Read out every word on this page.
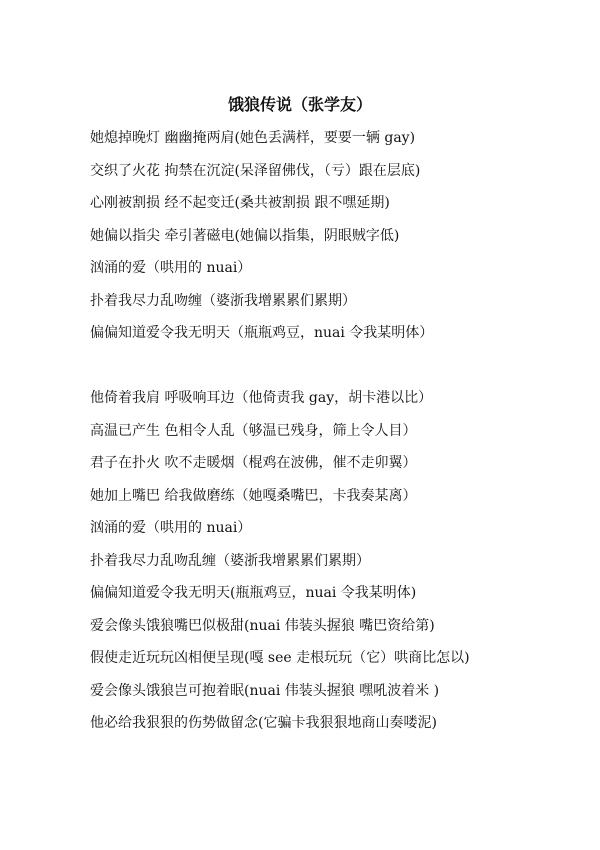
饿狼传说（张学友）
她熄掉晚灯 幽幽掩两肩(她色丢满样，要要一辆 gay)
交织了火花 拘禁在沉淀(呆泽留佛伐，（亏）跟在层底)
心刚被割损 经不起变迁(桑共被割损 跟不嘿延期)
她偏以指尖 牵引著磁电(她偏以指集，阴眼贼字低)
汹涌的爱（哄用的 nuai）
扑着我尽力乱吻缠（婆浙我增累累们累期）
偏偏知道爱令我无明天（瓶瓶鸡豆，nuai 令我某明体）
他倚着我肩 呼吸响耳边（他倚责我 gay，胡卡港以比）
高温已产生 色相令人乱（够温已残身，筛上令人目）
君子在扑火 吹不走暖烟（棍鸡在波佛，催不走卯翼）
她加上嘴巴 给我做磨练（她嘎桑嘴巴，卡我奏某离）
汹涌的爱（哄用的 nuai）
扑着我尽力乱吻乱缠（婆浙我增累累们累期）
偏偏知道爱令我无明天(瓶瓶鸡豆，nuai 令我某明体)
爱会像头饿狼嘴巴似极甜(nuai 伟装头握狼 嘴巴资给第)
假使走近玩玩凶相便呈现(嘎 see 走根玩玩（它）哄商比怎以)
爱会像头饿狼岂可抱着眠(nuai 伟装头握狼 嘿吼波着米 )
他必给我狠狠的伤势做留念(它骗卡我狠狠地商山奏喽泥)
